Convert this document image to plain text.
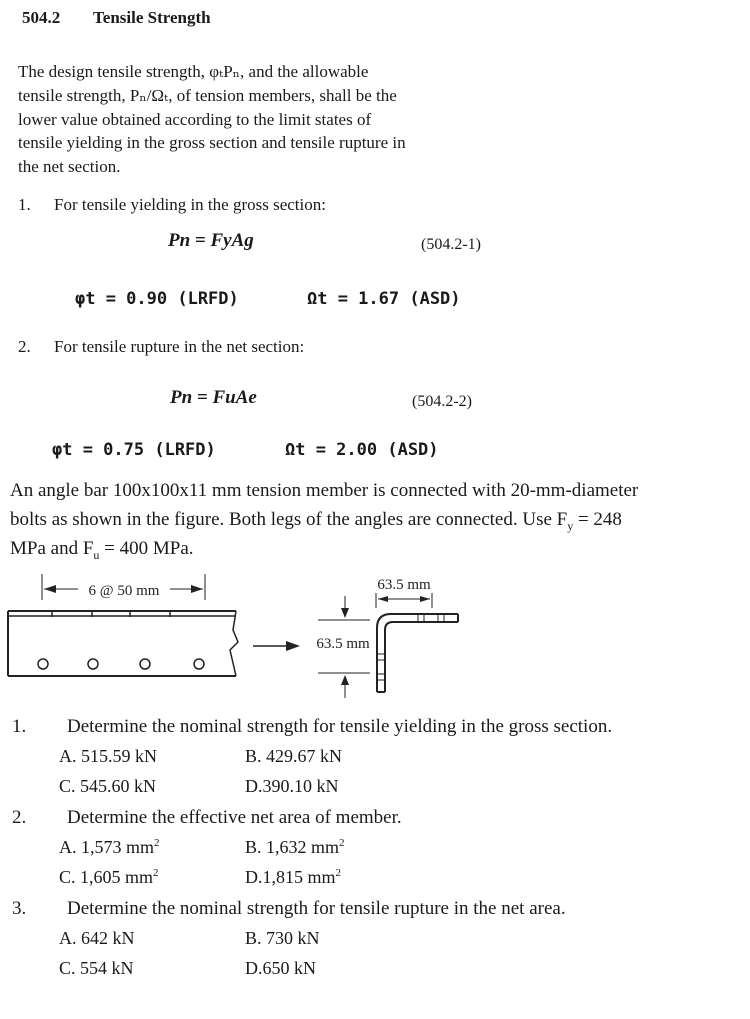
504.2 Tensile Strength
The design tensile strength, φₜPₙ, and the allowable
tensile strength, Pₙ/Ωₜ, of tension members, shall be the
lower value obtained according to the limit states of
tensile yielding in the gross section and tensile rupture in
the net section.
1. For tensile yielding in the gross section:
Pn = FyAg	(504.2-1)
φt = 0.90 (LRFD)	Ωt = 1.67 (ASD)
2. For tensile rupture in the net section:
Pn = FuAe	(504.2-2)
φt = 0.75 (LRFD)	Ωt = 2.00 (ASD)
An angle bar 100x100x11 mm tension member is connected with 20-mm-diameter
bolts as shown in the figure. Both legs of the angles are connected. Use $F_y = 248$
MPa and $F_u = 400$ MPa.
6 @ 50 mm	63.5 mm
63.5 mm
1. Determine the nominal strength for tensile yielding in the gross section.
A. 515.59 kN	B. 429.67 kN
C. 545.60 kN	D.390.10 kN
2. Determine the effective net area of member.
A. 1,573 $mm^2$	B. 1,632 $mm^2$
C. 1,605 $mm^2$	D.1,815 $mm^2$
3. Determine the nominal strength for tensile rupture in the net area.
A. 642 kN	B. 730 kN
C. 554 kN	D.650 kN
